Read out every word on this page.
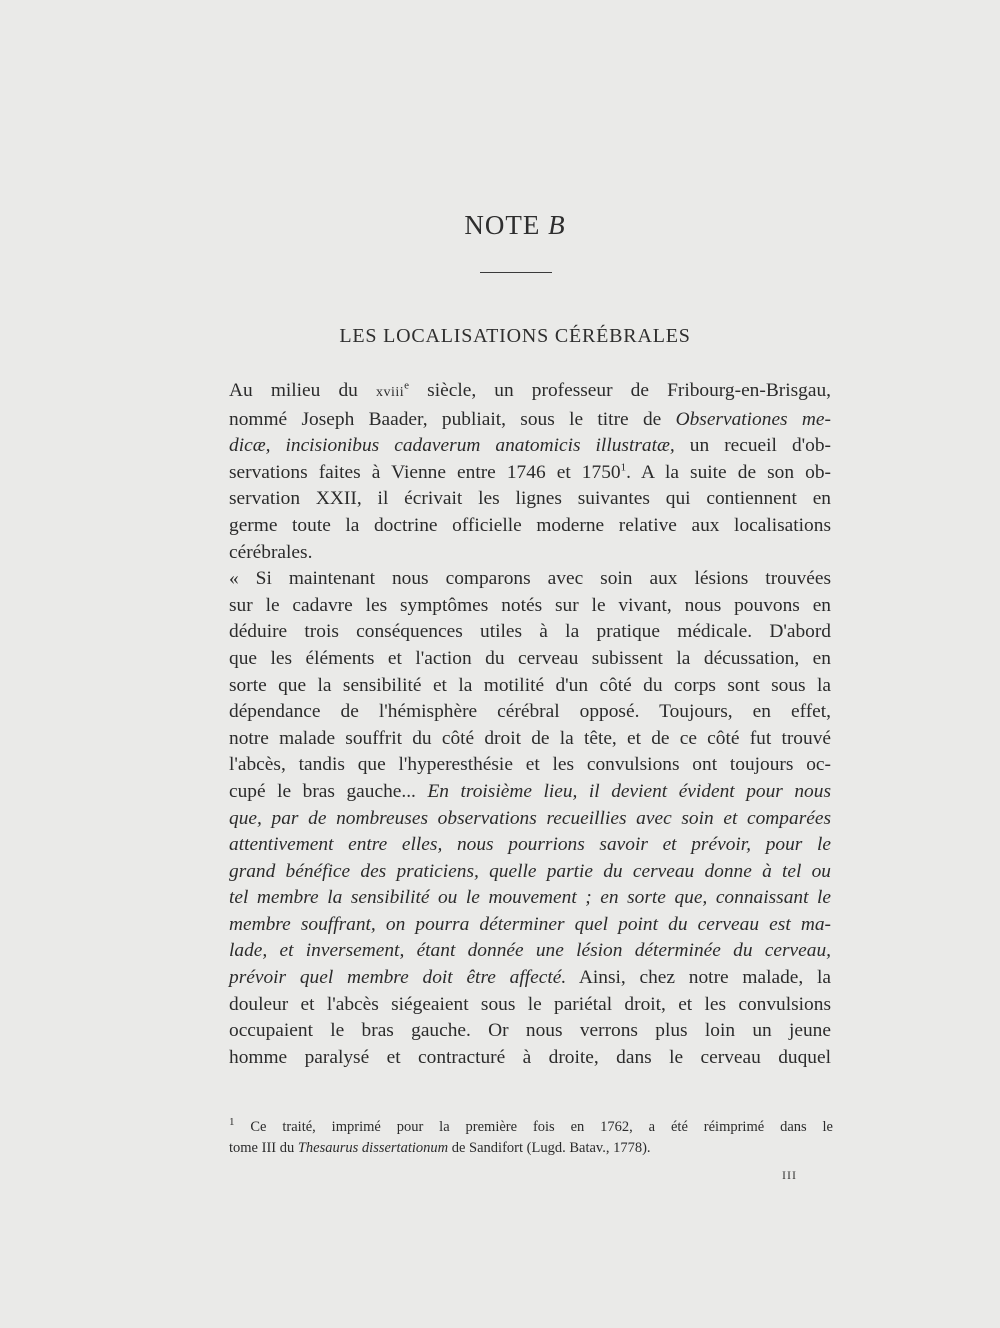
NOTE B
LES LOCALISATIONS CÉRÉBRALES
Au milieu du xviii$^e$ siècle, un professeur de Fribourg-en-Brisgau,
nommé Joseph Baader, publiait, sous le titre de Observationes me-
dicæ, incisionibus cadaverum anatomicis illustratæ, un recueil d'ob-
servations faites à Vienne entre 1746 et 1750$^1$. A la suite de son ob-
servation XXII, il écrivait les lignes suivantes qui contiennent en
germe toute la doctrine officielle moderne relative aux localisations
cérébrales.
« Si maintenant nous comparons avec soin aux lésions trouvées
sur le cadavre les symptômes notés sur le vivant, nous pouvons en
déduire trois conséquences utiles à la pratique médicale. D'abord
que les éléments et l'action du cerveau subissent la décussation, en
sorte que la sensibilité et la motilité d'un côté du corps sont sous la
dépendance de l'hémisphère cérébral opposé. Toujours, en effet,
notre malade souffrit du côté droit de la tête, et de ce côté fut trouvé
l'abcès, tandis que l'hyperesthésie et les convulsions ont toujours oc-
cupé le bras gauche... En troisième lieu, il devient évident pour nous
que, par de nombreuses observations recueillies avec soin et comparées
attentivement entre elles, nous pourrions savoir et prévoir, pour le
grand bénéfice des praticiens, quelle partie du cerveau donne à tel ou
tel membre la sensibilité ou le mouvement ; en sorte que, connaissant le
membre souffrant, on pourra déterminer quel point du cerveau est ma-
lade, et inversement, étant donnée une lésion déterminée du cerveau,
prévoir quel membre doit être affecté. Ainsi, chez notre malade, la
douleur et l'abcès siégeaient sous le pariétal droit, et les convulsions
occupaient le bras gauche. Or nous verrons plus loin un jeune
homme paralysé et contracturé à droite, dans le cerveau duquel
$^1$ Ce traité, imprimé pour la première fois en 1762, a été réimprimé dans le
tome III du Thesaurus dissertationum de Sandifort (Lugd. Batav., 1778).
III
